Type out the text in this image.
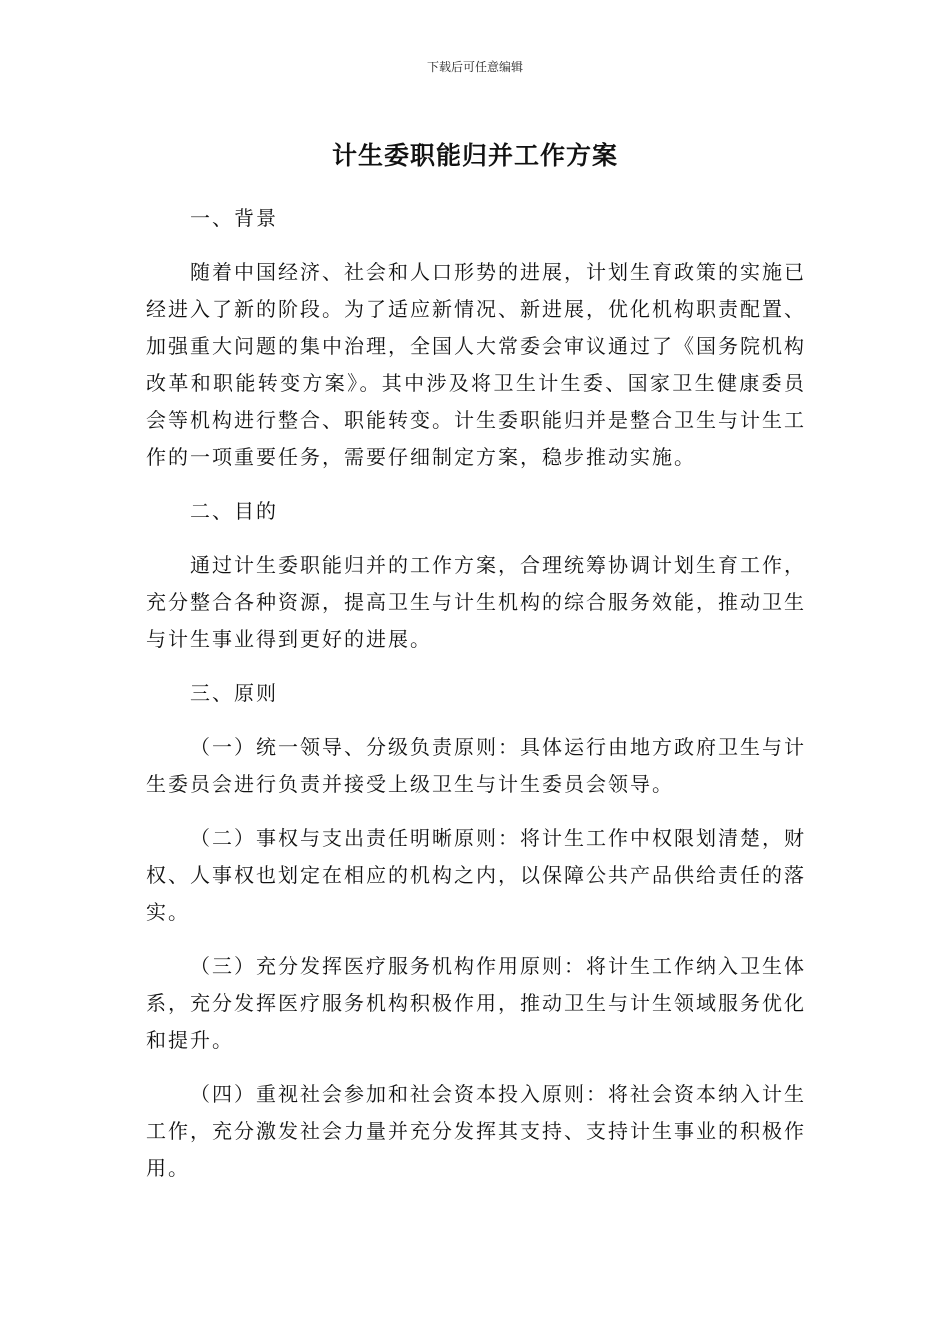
下载后可任意编辑
计生委职能归并工作方案

一、背景

随着中国经济、社会和人口形势的进展，计划生育政策的实施已经进入了新的阶段。为了适应新情况、新进展，优化机构职责配置、加强重大问题的集中治理，全国人大常委会审议通过了《国务院机构改革和职能转变方案》。其中涉及将卫生计生委、国家卫生健康委员会等机构进行整合、职能转变。计生委职能归并是整合卫生与计生工作的一项重要任务，需要仔细制定方案，稳步推动实施。

二、目的

通过计生委职能归并的工作方案，合理统筹协调计划生育工作，充分整合各种资源，提高卫生与计生机构的综合服务效能，推动卫生与计生事业得到更好的进展。

三、原则

（一）统一领导、分级负责原则：具体运行由地方政府卫生与计生委员会进行负责并接受上级卫生与计生委员会领导。

（二）事权与支出责任明晰原则：将计生工作中权限划清楚，财权、人事权也划定在相应的机构之内，以保障公共产品供给责任的落实。

（三）充分发挥医疗服务机构作用原则：将计生工作纳入卫生体系，充分发挥医疗服务机构积极作用，推动卫生与计生领域服务优化和提升。

（四）重视社会参加和社会资本投入原则：将社会资本纳入计生工作，充分激发社会力量并充分发挥其支持、支持计生事业的积极作用。
